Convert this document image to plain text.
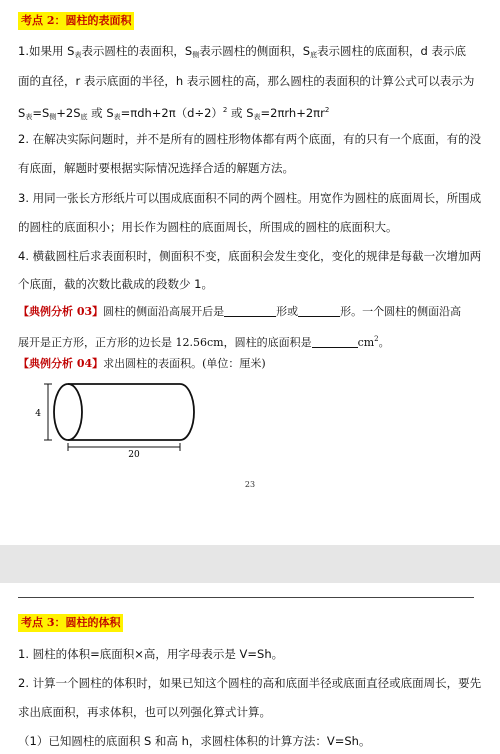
考点 2：圆柱的表面积
1.如果用 $S_表$表示圆柱的表面积，$S_侧$表示圆柱的侧面积，$S_底$表示圆柱的底面积，d 表示底
面的直径，r 表示底面的半径，h 表示圆柱的高，那么圆柱的表面积的计算公式可以表示为
$S_表=S_侧+2S_底$ 或 $S_表=\pi dh+2\pi(d\div 2)^2$ 或 $S_表=2\pi rh+2\pi r^2$
2. 在解决实际问题时，并不是所有的圆柱形物体都有两个底面，有的只有一个底面，有的没
有底面，解题时要根据实际情况选择合适的解题方法。
3. 用同一张长方形纸片可以围成底面积不同的两个圆柱。用宽作为圆柱的底面周长，所围成
的圆柱的底面积小；用长作为圆柱的底面周长，所围成的圆柱的底面积大。
4. 横截圆柱后求表面积时，侧面积不变，底面积会发生变化，变化的规律是每截一次增加两
个底面，截的次数比截成的段数少 1。
【典例分析 03】圆柱的侧面沿高展开后是	形或	形。一个圆柱的侧面沿高
展开是正方形，正方形的边长是 12.56cm，圆柱的底面积是	$cm^2$。
【典例分析 04】求出圆柱的表面积。(单位：厘米)
4
20
23
考点 3：圆柱的体积
1. 圆柱的体积=底面积×高，用字母表示是 V=Sh。
2. 计算一个圆柱的体积时，如果已知这个圆柱的高和底面半径或底面直径或底面周长，要先
求出底面积，再求体积，也可以列强化算式计算。
（1）已知圆柱的底面积 S 和高 h，求圆柱体积的计算方法：V=Sh。
